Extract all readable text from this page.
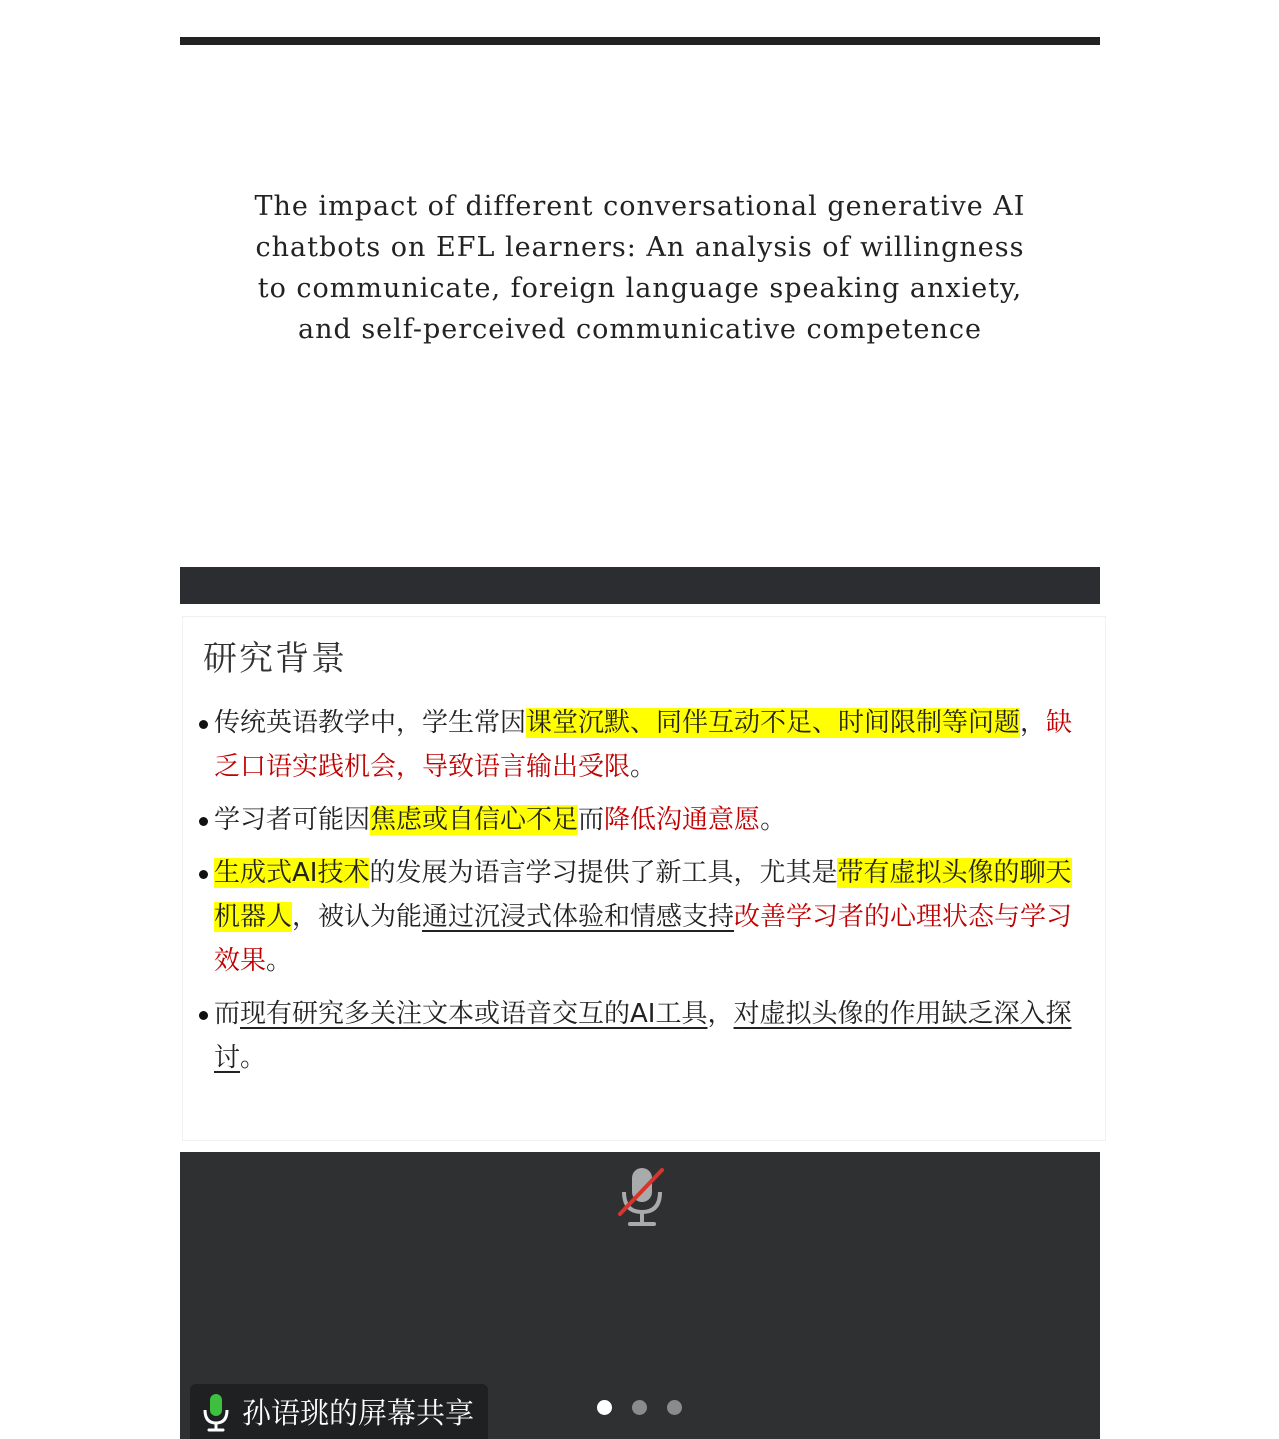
The impact of different conversational generative AI
chatbots on EFL learners: An analysis of willingness
to communicate, foreign language speaking anxiety,
and self-perceived communicative competence
研究背景
传统英语教学中，学生常因课堂沉默、同伴互动不足、时间限制等问题，缺乏口语实践机会，导致语言输出受限。
学习者可能因焦虑或自信心不足而降低沟通意愿。
生成式AI技术的发展为语言学习提供了新工具，尤其是带有虚拟头像的聊天机器人，被认为能通过沉浸式体验和情感支持改善学习者的心理状态与学习效果。
而现有研究多关注文本或语音交互的AI工具，对虚拟头像的作用缺乏深入探讨。
孙语珧的屏幕共享
